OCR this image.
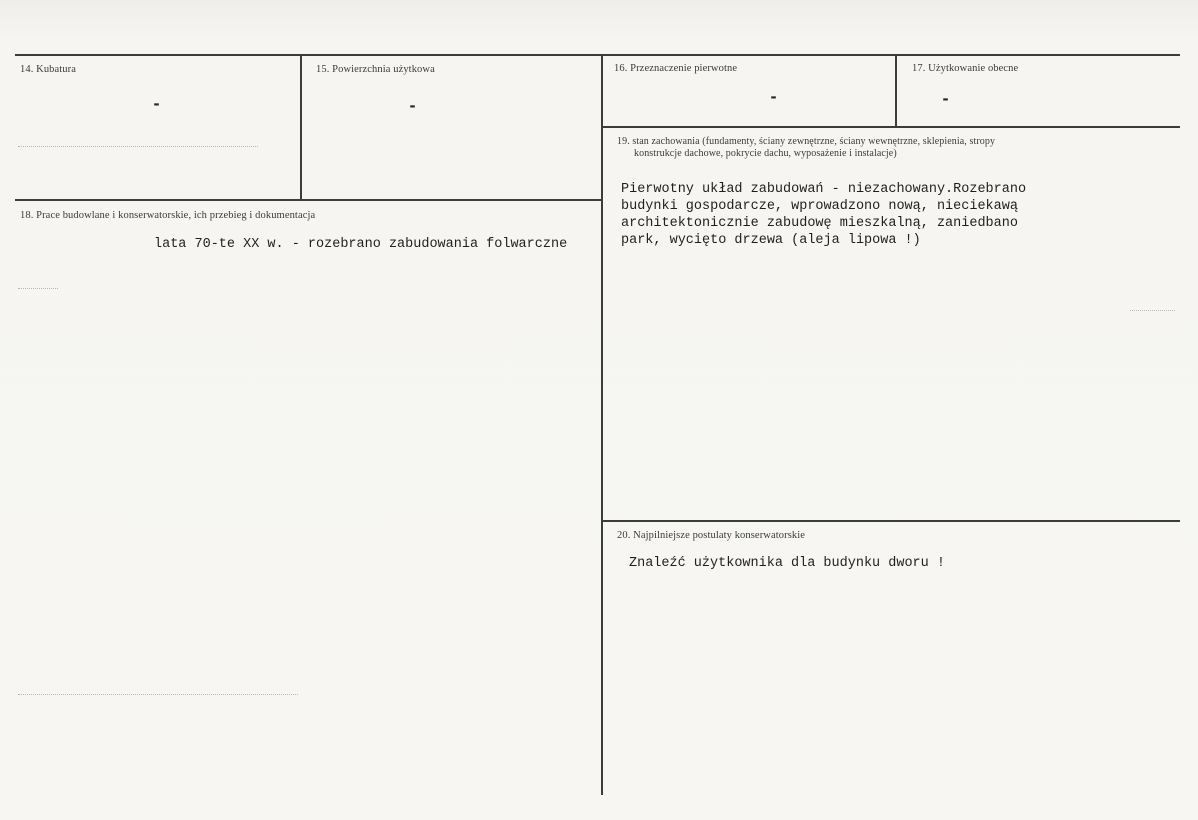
14. Kubatura
-
15. Powierzchnia użytkowa
-
16. Przeznaczenie pierwotne
-
17. Użytkowanie obecne
-
18. Prace budowlane i konserwatorskie, ich przebieg i dokumentacja
lata 70-te XX w. - rozebrano zabudowania folwarczne
19. stan zachowania (fundamenty, ściany zewnętrzne, ściany wewnętrzne, sklepienia, stropy
konstrukcje dachowe, pokrycie dachu, wyposażenie i instalacje)
Pierwotny układ zabudowań - niezachowany.Rozebrano
budynki gospodarcze, wprowadzono nową, nieciekawą
architektonicznie zabudowę mieszkalną, zaniedbano
park, wycięto drzewa (aleja lipowa !)
20. Najpilniejsze postulaty konserwatorskie
Znaleźć użytkownika dla budynku dworu !
